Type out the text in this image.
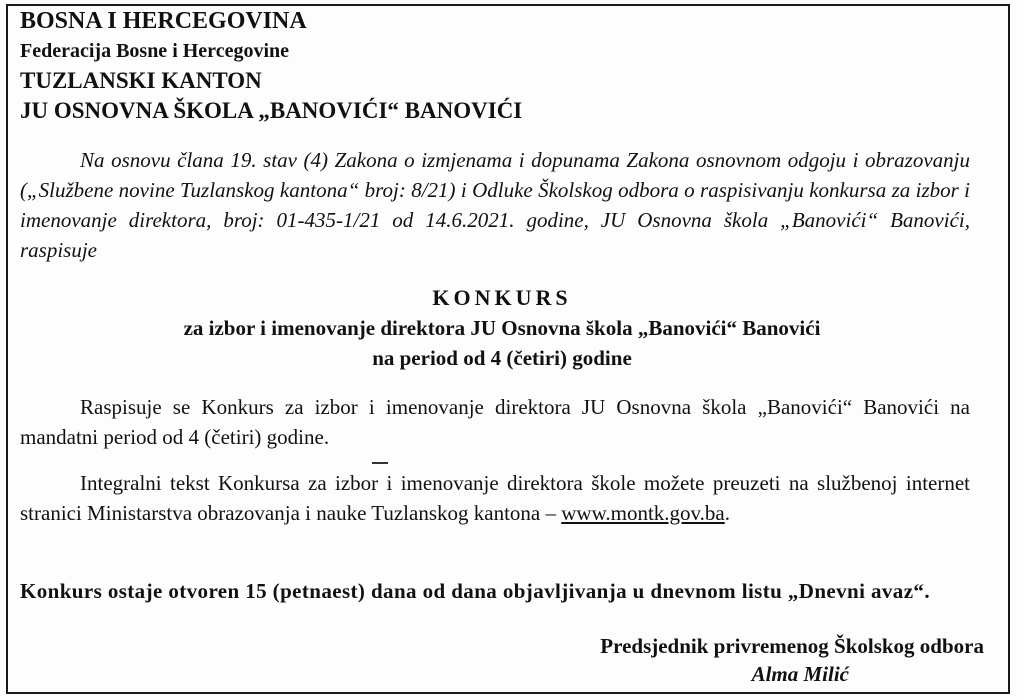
BOSNA I HERCEGOVINA
Federacija Bosne i Hercegovine
TUZLANSKI KANTON
JU OSNOVNA ŠKOLA „BANOVIĆI“ BANOVIĆI
Na osnovu člana 19. stav (4) Zakona o izmjenama i dopunama Zakona osnovnom odgoju i obrazovanju („Službene novine Tuzlanskog kantona“ broj: 8/21) i Odluke Školskog odbora o raspisivanju konkursa za izbor i imenovanje direktora, broj: 01-435-1/21 od 14.6.2021. godine, JU Osnovna škola „Banovići“ Banovići, raspisuje
KONKURS
za izbor i imenovanje direktora JU Osnovna škola „Banovići“ Banovići
na period od 4 (četiri) godine
Raspisuje se Konkurs za izbor i imenovanje direktora JU Osnovna škola „Banovići“ Banovići na mandatni period od 4 (četiri) godine.
Integralni tekst Konkursa za izbor i imenovanje direktora škole možete preuzeti na službenoj internet stranici Ministarstva obrazovanja i nauke Tuzlanskog kantona – www.montk.gov.ba.
Konkurs ostaje otvoren 15 (petnaest) dana od dana objavljivanja u dnevnom listu „Dnevni avaz“.
Predsjednik privremenog Školskog odbora
Alma Milić
